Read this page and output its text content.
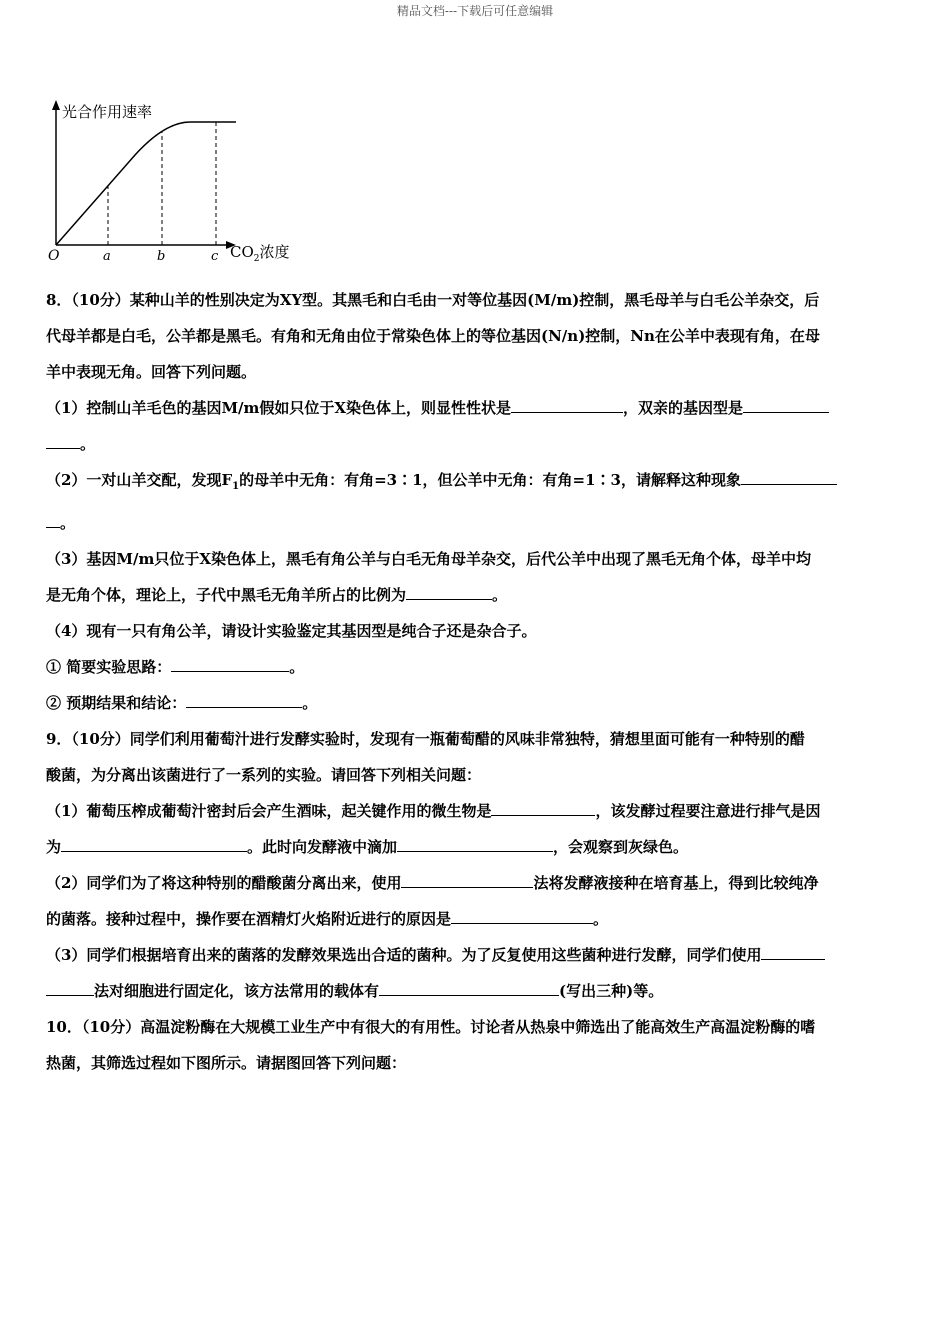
精品文档---下载后可任意编辑
光合作用速率
O	a	b	c $CO_2$浓度

8．（10分）某种山羊的性别决定为XY型。其黑毛和白毛由一对等位基因(M/m)控制，黑毛母羊与白毛公羊杂交，后

代母羊都是白毛，公羊都是黑毛。有角和无角由位于常染色体上的等位基因(N/n)控制，Nn在公羊中表现有角，在母

羊中表现无角。回答下列问题。

（1）控制山羊毛色的基因M/m假如只位于X染色体上，则显性性状是	，双亲的基因型是

。

（2）一对山羊交配，发现$F_1$的母羊中无角：有角=3∶1，但公羊中无角：有角=1∶3，请解释这种现象

。

（3）基因M/m只位于X染色体上，黑毛有角公羊与白毛无角母羊杂交，后代公羊中出现了黑毛无角个体，母羊中均

是无角个体，理论上，子代中黑毛无角羊所占的比例为	。

（4）现有一只有角公羊，请设计实验鉴定其基因型是纯合子还是杂合子。

① 简要实验思路：	。

② 预期结果和结论：	。

9．（10分）同学们利用葡萄汁进行发酵实验时，发现有一瓶葡萄醋的风味非常独特，猜想里面可能有一种特别的醋

酸菌，为分离出该菌进行了一系列的实验。请回答下列相关问题：

（1）葡萄压榨成葡萄汁密封后会产生酒味，起关键作用的微生物是	，该发酵过程要注意进行排气是因

为	。此时向发酵液中滴加	，会观察到灰绿色。

（2）同学们为了将这种特别的醋酸菌分离出来，使用	法将发酵液接种在培育基上，得到比较纯净

的菌落。接种过程中，操作要在酒精灯火焰附近进行的原因是	。

（3）同学们根据培育出来的菌落的发酵效果选出合适的菌种。为了反复使用这些菌种进行发酵，同学们使用

法对细胞进行固定化，该方法常用的载体有	(写出三种)等。

10．（10分）高温淀粉酶在大规模工业生产中有很大的有用性。讨论者从热泉中筛选出了能高效生产高温淀粉酶的嗜

热菌，其筛选过程如下图所示。请据图回答下列问题：
